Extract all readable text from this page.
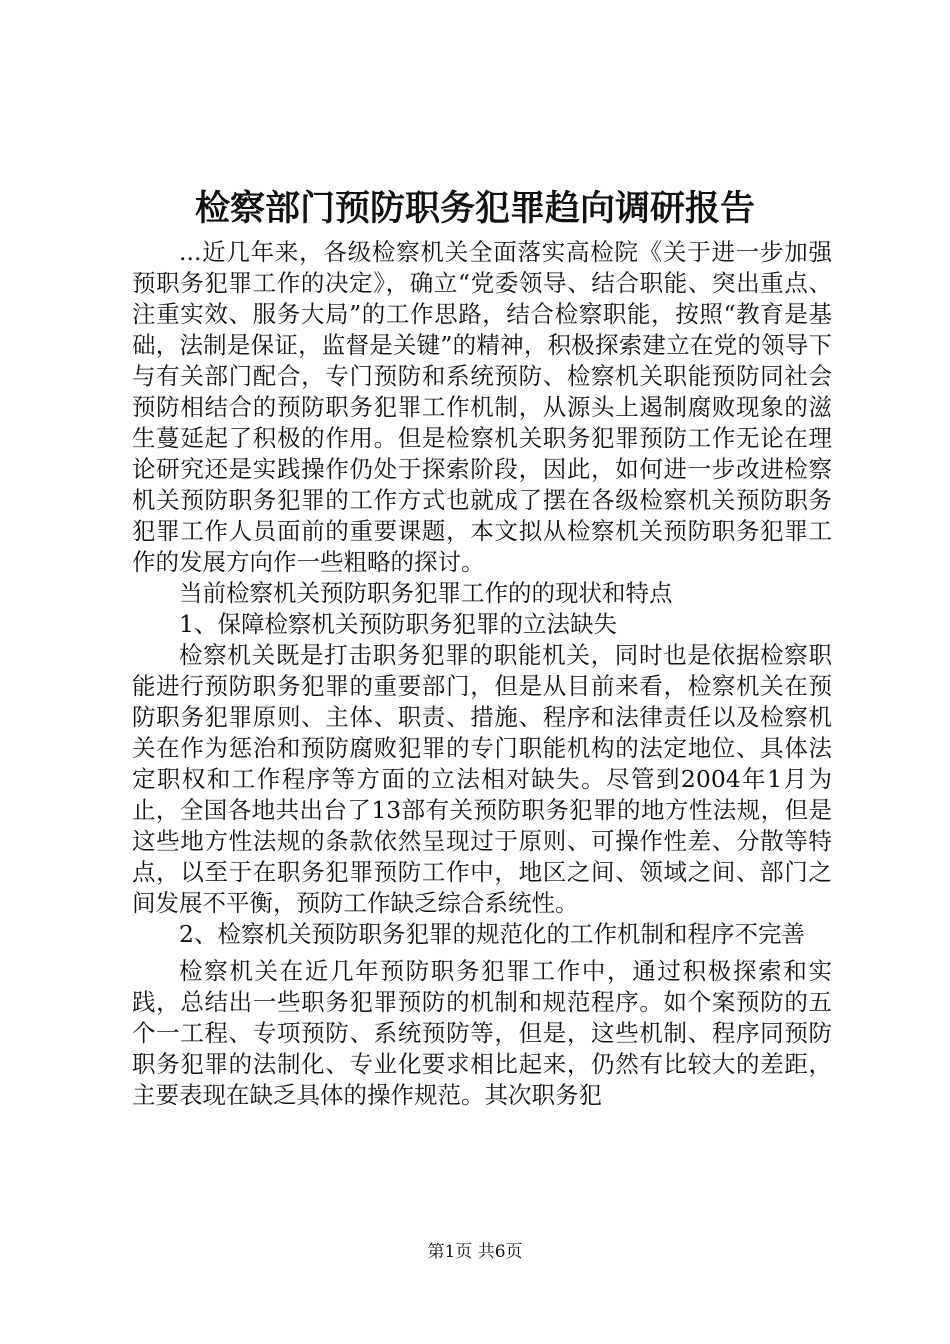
检察部门预防职务犯罪趋向调研报告

...近几年来，各级检察机关全面落实高检院《关于进一步加强预职务犯罪工作的决定》，确立“党委领导、结合职能、突出重点、注重实效、服务大局”的工作思路，结合检察职能，按照“教育是基础，法制是保证，监督是关键”的精神，积极探索建立在党的领导下与有关部门配合，专门预防和系统预防、检察机关职能预防同社会预防相结合的预防职务犯罪工作机制，从源头上遏制腐败现象的滋生蔓延起了积极的作用。但是检察机关职务犯罪预防工作无论在理论研究还是实践操作仍处于探索阶段，因此，如何进一步改进检察机关预防职务犯罪的工作方式也就成了摆在各级检察机关预防职务犯罪工作人员面前的重要课题，本文拟从检察机关预防职务犯罪工作的发展方向作一些粗略的探讨。

当前检察机关预防职务犯罪工作的的现状和特点

1、保障检察机关预防职务犯罪的立法缺失

检察机关既是打击职务犯罪的职能机关，同时也是依据检察职能进行预防职务犯罪的重要部门，但是从目前来看，检察机关在预防职务犯罪原则、主体、职责、措施、程序和法律责任以及检察机关在作为惩治和预防腐败犯罪的专门职能机构的法定地位、具体法定职权和工作程序等方面的立法相对缺失。尽管到2004年1月为止，全国各地共出台了13部有关预防职务犯罪的地方性法规，但是这些地方性法规的条款依然呈现过于原则、可操作性差、分散等特点，以至于在职务犯罪预防工作中，地区之间、领域之间、部门之间发展不平衡，预防工作缺乏综合系统性。

2、检察机关预防职务犯罪的规范化的工作机制和程序不完善

检察机关在近几年预防职务犯罪工作中，通过积极探索和实践，总结出一些职务犯罪预防的机制和规范程序。如个案预防的五个一工程、专项预防、系统预防等，但是，这些机制、程序同预防职务犯罪的法制化、专业化要求相比起来，仍然有比较大的差距，主要表现在缺乏具体的操作规范。其次职务犯

第1页 共6页
